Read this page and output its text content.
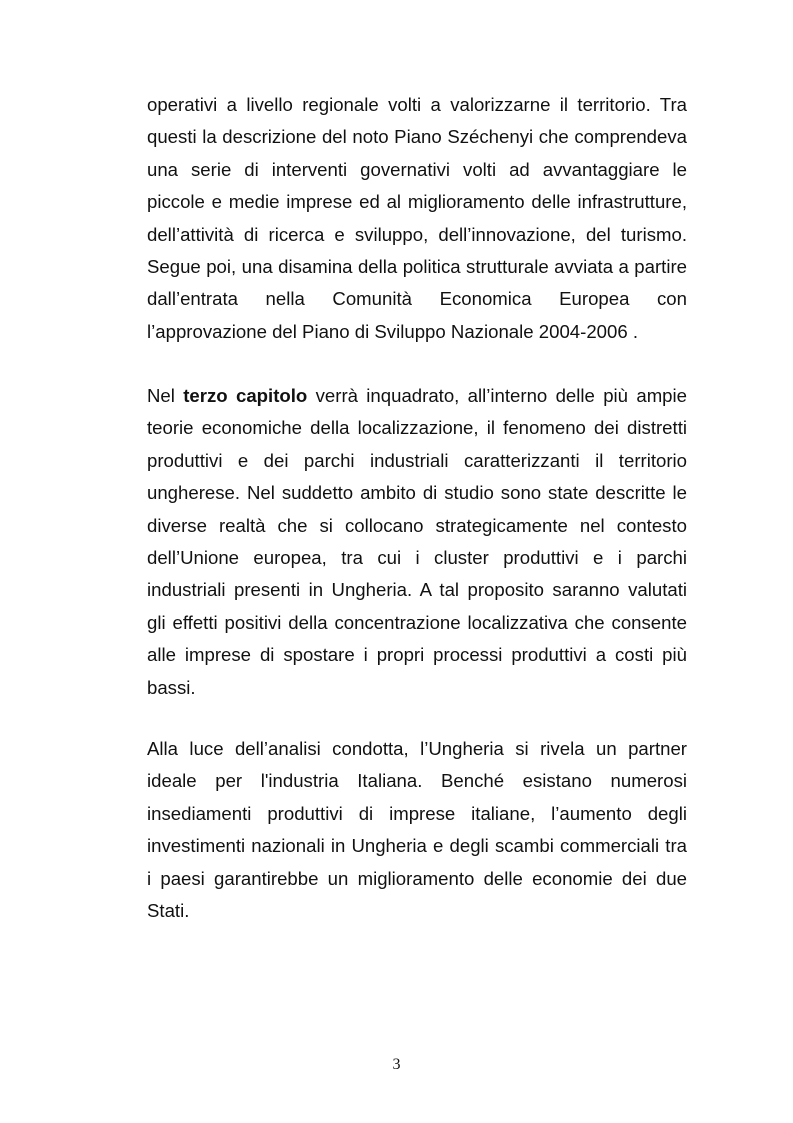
operativi a livello regionale volti a valorizzarne il territorio. Tra
questi la descrizione del noto Piano Széchenyi che comprendeva
una serie di interventi governativi volti ad avvantaggiare le
piccole e medie imprese ed al miglioramento delle infrastrutture,
dell’attività di ricerca e sviluppo, dell’innovazione, del turismo.
Segue poi, una disamina della politica strutturale avviata a partire
dall’entrata nella Comunità Economica Europea con
l’approvazione del Piano di Sviluppo Nazionale 2004-2006 .
Nel terzo capitolo verrà inquadrato, all’interno delle più ampie
teorie economiche della localizzazione, il fenomeno dei distretti
produttivi e dei parchi industriali caratterizzanti il territorio
ungherese. Nel suddetto ambito di studio sono state descritte le
diverse realtà che si collocano strategicamente nel contesto
dell’Unione europea, tra cui i cluster produttivi e i parchi
industriali presenti in Ungheria. A tal proposito saranno valutati
gli effetti positivi della concentrazione localizzativa che consente
alle imprese di spostare i propri processi produttivi a costi più
bassi.
Alla luce dell’analisi condotta, l’Ungheria si rivela un partner
ideale per l'industria Italiana. Benché esistano numerosi
insediamenti produttivi di imprese italiane, l’aumento degli
investimenti nazionali in Ungheria e degli scambi commerciali tra
i paesi garantirebbe un miglioramento delle economie dei due
Stati.
3
